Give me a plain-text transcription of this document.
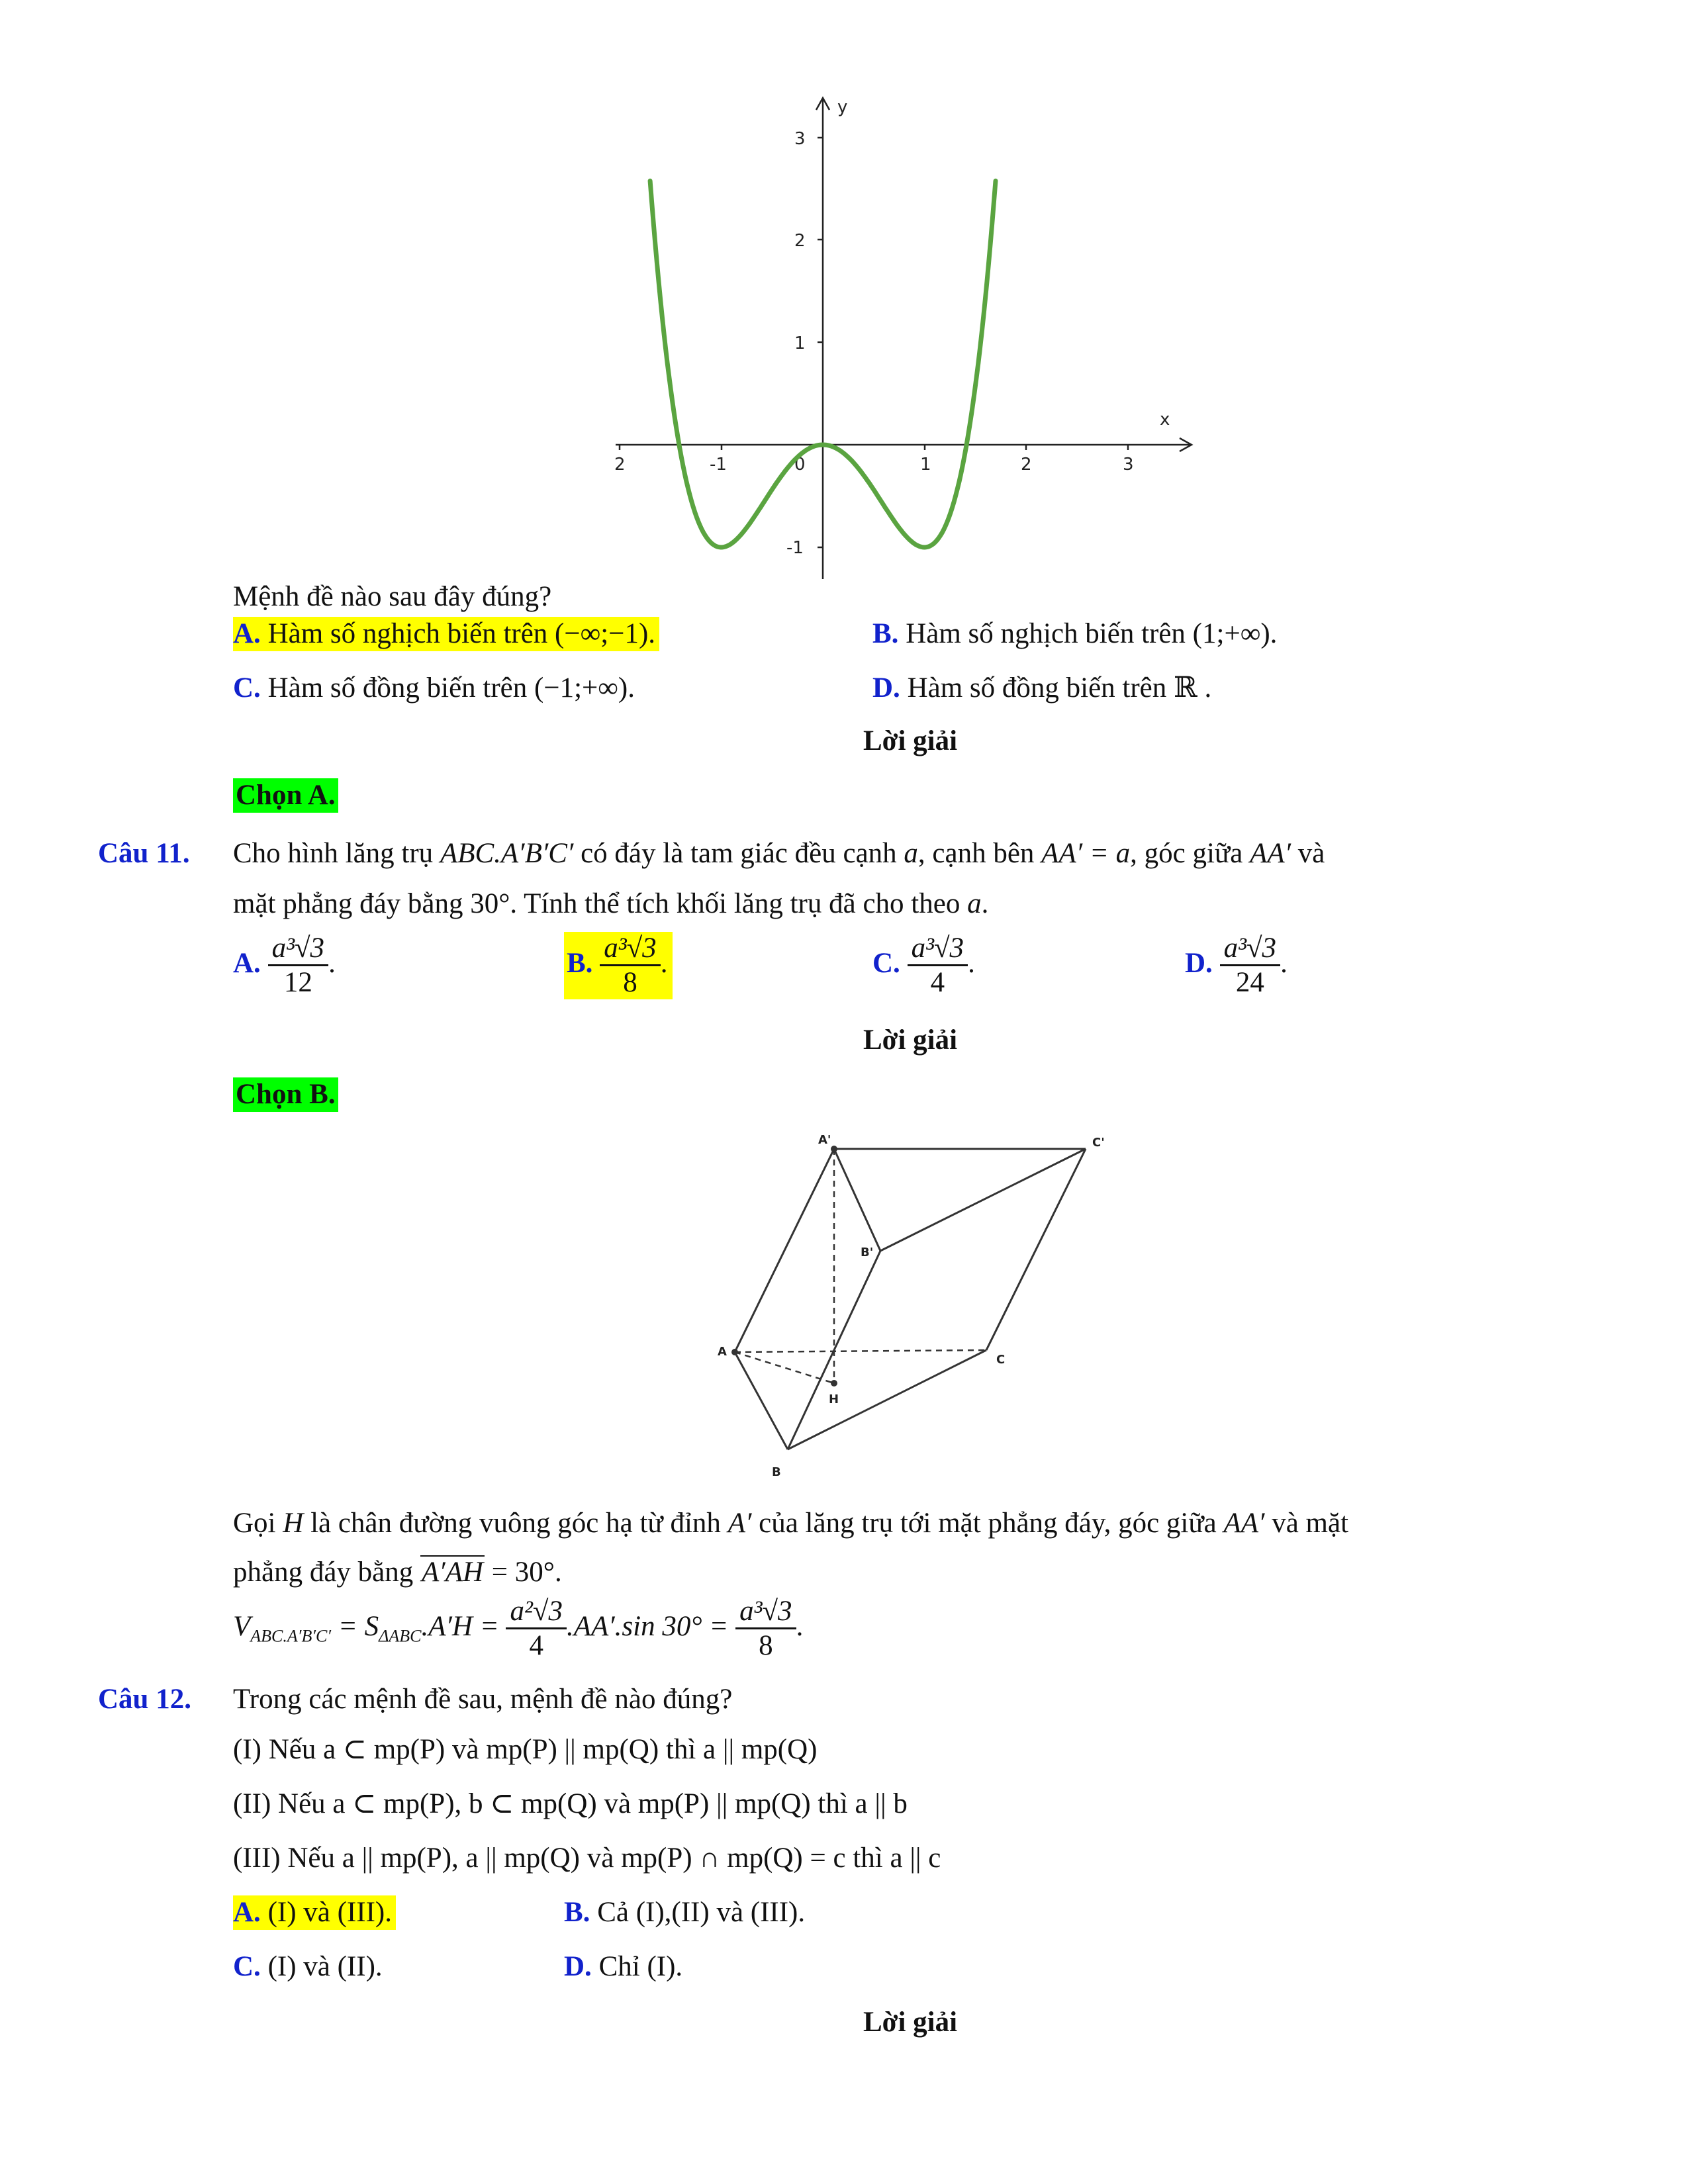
y
x
3
2
1
-1
2	-1	0	1	2	3
Mệnh đề nào sau đây đúng?
A. Hàm số nghịch biến trên (−∞;−1).	B. Hàm số nghịch biến trên (1;+∞).
C. Hàm số đồng biến trên (−1;+∞).	D. Hàm số đồng biến trên ℝ .
Lời giải
Chọn A.
Câu 11. Cho hình lăng trụ ABC.A′B′C′ có đáy là tam giác đều cạnh a, cạnh bên AA′ = a, góc giữa AA′ và
mặt phẳng đáy bằng 30°. Tính thể tích khối lăng trụ đã cho theo a.
A. $\frac{\text{a³√3}}{12}$ .	B. $\frac{\text{a³√3}}{8}$ .	C. $\frac{\text{a³√3}}{4}$ .	D. $\frac{\text{a³√3}}{24}$ .
Lời giải
Chọn B.
A'	C'
B'
A
C
H
B
Gọi H là chân đường vuông góc hạ từ đỉnh A′ của lăng trụ tới mặt phẳng đáy, góc giữa AA′ và mặt
phẳng đáy bằng A′AH = 30°.
$V_{ABC.A'B'C'} = S_{\Delta ABC}.A'H = \frac{\text{a²√3}}{4} .AA'.\sin$ $30^\circ = \frac{\text{a³√3}}{8}$ .
Câu 12. Trong các mệnh đề sau, mệnh đề nào đúng?
(I) Nếu a ⊂ mp(P) và mp(P) || mp(Q) thì a || mp(Q)
(II) Nếu a ⊂ mp(P), b ⊂ mp(Q) và mp(P) || mp(Q) thì a || b
(III) Nếu a || mp(P), a || mp(Q) và mp(P) ∩ mp(Q) = c thì a || c
A. (I) và (III).	B. Cả (I),(II) và (III).
C. (I) và (II).	D. Chỉ (I).
Lời giải
